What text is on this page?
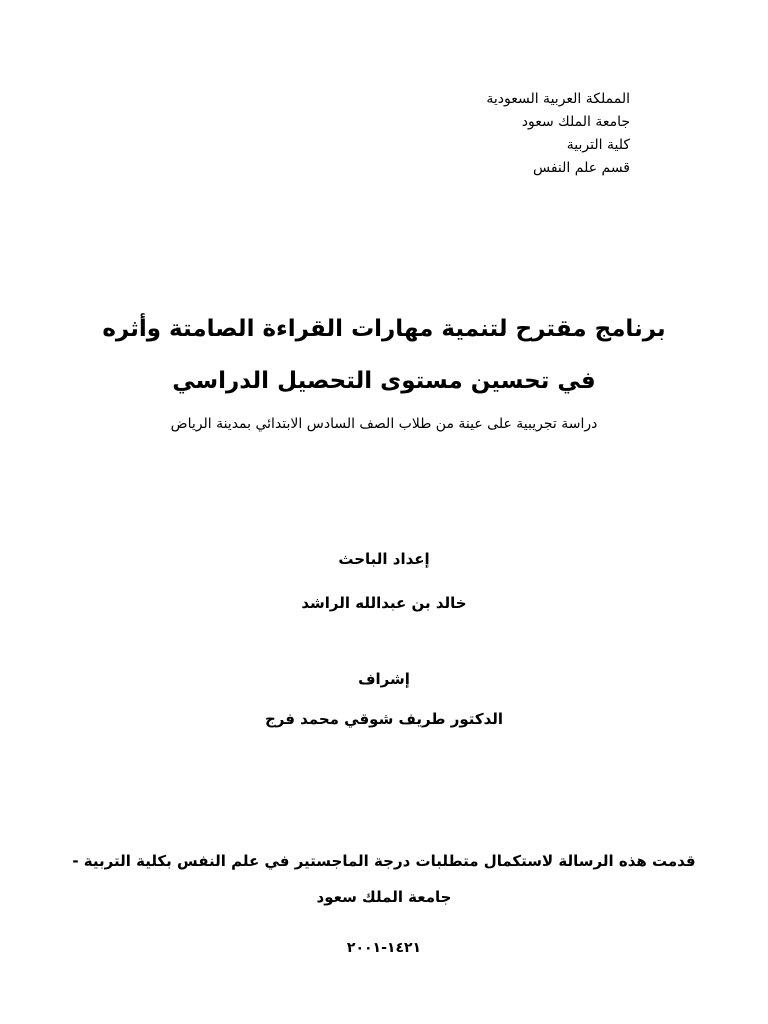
المملكة العربية السعودية
جامعة الملك سعود
كلية التربية
قسم علم النفس
برنامج مقترح لتنمية مهارات القراءة الصامتة وأثره
في تحسين مستوى التحصيل الدراسي
دراسة تجريبية على عينة من طلاب الصف السادس الابتدائي بمدينة الرياض
إعداد الباحث
خالد بن عبدالله الراشد
إشراف
الدكتور طريف شوقي محمد فرج
قدمت هذه الرسالة لاستكمال متطلبات درجة الماجستير في علم النفس بكلية التربية -
جامعة الملك سعود
١٤٢١-٢٠٠١
